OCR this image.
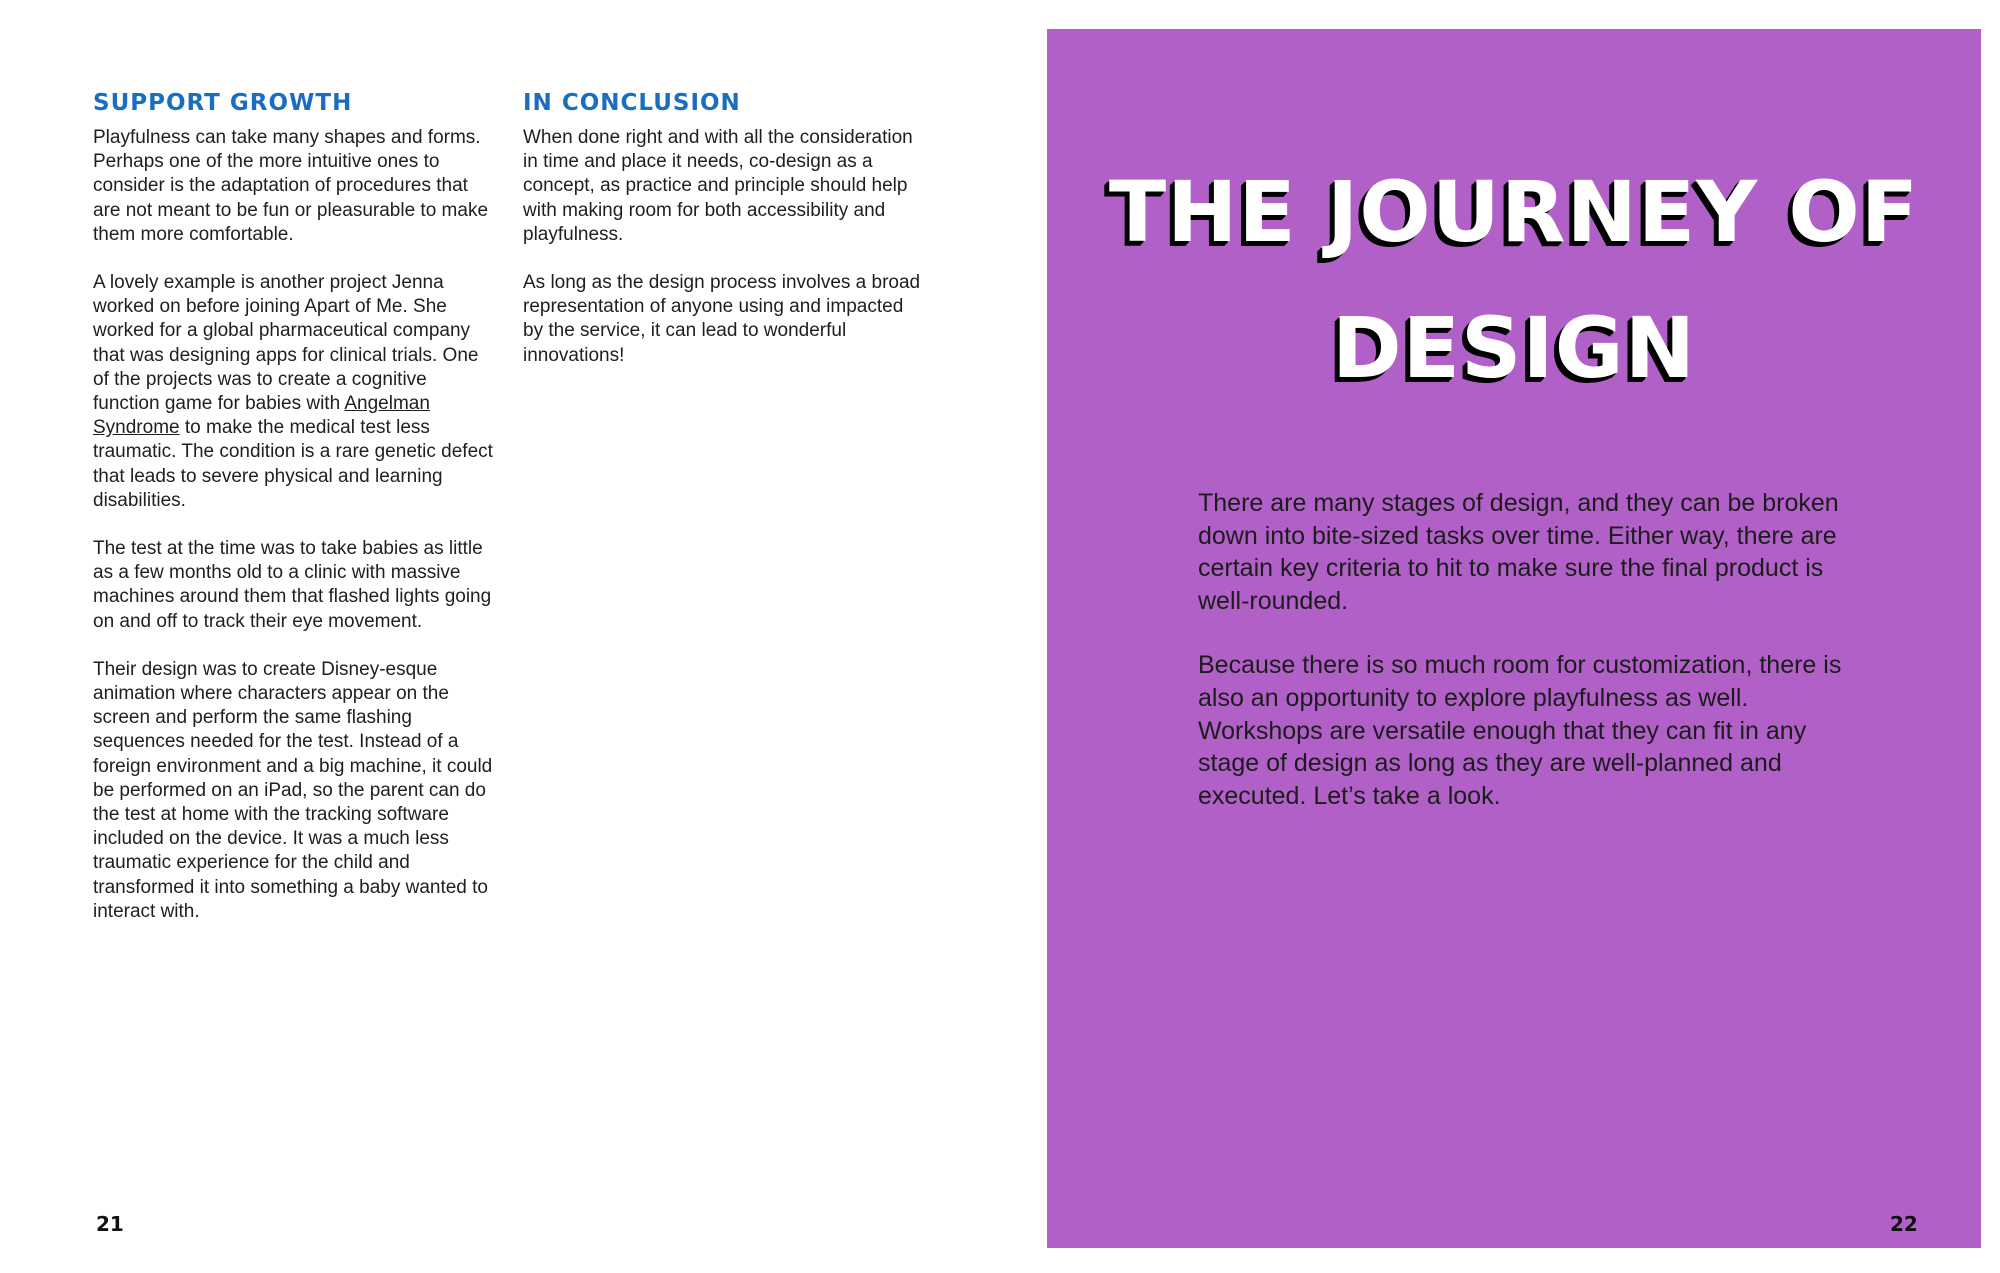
SUPPORT GROWTH

Playfulness can take many shapes and forms. Perhaps one of the more intuitive ones to consider is the adaptation of procedures that are not meant to be fun or pleasurable to make them more comfortable.

A lovely example is another project Jenna worked on before joining Apart of Me. She worked for a global pharmaceutical company that was designing apps for clinical trials. One of the projects was to create a cognitive function game for babies with Angelman Syndrome to make the medical test less traumatic. The condition is a rare genetic defect that leads to severe physical and learning disabilities.

The test at the time was to take babies as little as a few months old to a clinic with massive machines around them that flashed lights going on and off to track their eye movement.

Their design was to create Disney-esque animation where characters appear on the screen and perform the same flashing sequences needed for the test. Instead of a foreign environment and a big machine, it could be performed on an iPad, so the parent can do the test at home with the tracking software included on the device. It was a much less traumatic experience for the child and transformed it into something a baby wanted to interact with.

IN CONCLUSION

When done right and with all the consideration in time and place it needs, co-design as a concept, as practice and principle should help with making room for both accessibility and playfulness.

As long as the design process involves a broad representation of anyone using and impacted by the service, it can lead to wonderful innovations!

21
THE JOURNEY OF
DESIGN

There are many stages of design, and they can be broken down into bite-sized tasks over time. Either way, there are certain key criteria to hit to make sure the final product is well-rounded.

Because there is so much room for customization, there is also an opportunity to explore playfulness as well. Workshops are versatile enough that they can fit in any stage of design as long as they are well-planned and executed. Let’s take a look.

22
